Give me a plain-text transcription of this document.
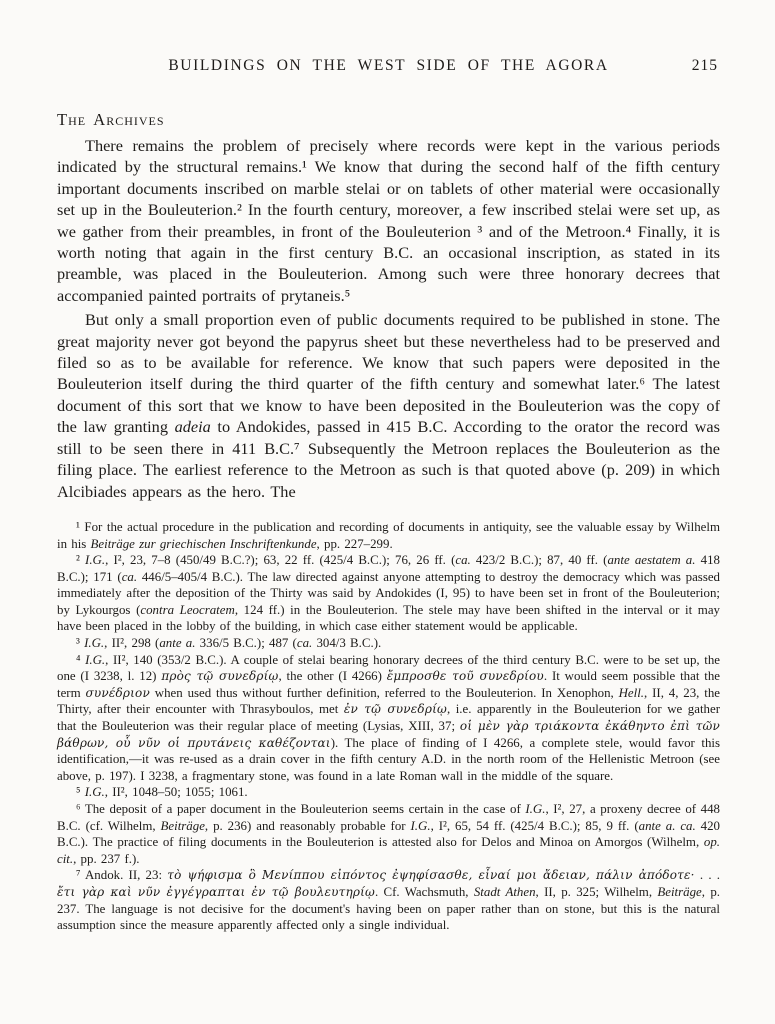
BUILDINGS ON THE WEST SIDE OF THE AGORA	215
The Archives

There remains the problem of precisely where records were kept in the various periods indicated by the structural remains.¹ We know that during the second half of the fifth century important documents inscribed on marble stelai or on tablets of other material were occasionally set up in the Bouleuterion.² In the fourth century, moreover, a few inscribed stelai were set up, as we gather from their preambles, in front of the Bouleuterion ³ and of the Metroon.⁴ Finally, it is worth noting that again in the first century B.C. an occasional inscription, as stated in its preamble, was placed in the Bouleuterion. Among such were three honorary decrees that accompanied painted portraits of prytaneis.⁵

But only a small proportion even of public documents required to be published in stone. The great majority never got beyond the papyrus sheet but these nevertheless had to be preserved and filed so as to be available for reference. We know that such papers were deposited in the Bouleuterion itself during the third quarter of the fifth century and somewhat later.⁶ The latest document of this sort that we know to have been deposited in the Bouleuterion was the copy of the law granting adeia to Andokides, passed in 415 B.C. According to the orator the record was still to be seen there in 411 B.C.⁷ Subsequently the Metroon replaces the Bouleuterion as the filing place. The earliest reference to the Metroon as such is that quoted above (p. 209) in which Alcibiades appears as the hero. The

¹ For the actual procedure in the publication and recording of documents in antiquity, see the valuable essay by Wilhelm in his Beiträge zur griechischen Inschriftenkunde, pp. 227–299.

² I.G., I², 23, 7–8 (450/49 B.C.?); 63, 22 ff. (425/4 B.C.); 76, 26 ff. (ca. 423/2 B.C.); 87, 40 ff. (ante aestatem a. 418 B.C.); 171 (ca. 446/5–405/4 B.C.). The law directed against anyone attempting to destroy the democracy which was passed immediately after the deposition of the Thirty was said by Andokides (I, 95) to have been set in front of the Bouleuterion; by Lykourgos (contra Leocratem, 124 ff.) in the Bouleuterion. The stele may have been shifted in the interval or it may have been placed in the lobby of the building, in which case either statement would be applicable.

³ I.G., II², 298 (ante a. 336/5 B.C.); 487 (ca. 304/3 B.C.).

⁴ I.G., II², 140 (353/2 B.C.). A couple of stelai bearing honorary decrees of the third century B.C. were to be set up, the one (I 3238, l. 12) πρὸς τῷ συνεδρίῳ, the other (I 4266) ἔμπροσθε τοῦ συνεδρίου. It would seem possible that the term συνέδριον when used thus without further definition, referred to the Bouleuterion. In Xenophon, Hell., II, 4, 23, the Thirty, after their encounter with Thrasyboulos, met ἐν τῷ συνεδρίῳ, i.e. apparently in the Bouleuterion for we gather that the Bouleuterion was their regular place of meeting (Lysias, XIII, 37; οἱ μὲν γὰρ τριάκοντα ἐκάθηντο ἐπὶ τῶν βάθρων, οὗ νῦν οἱ πρυτάνεις καθέζονται). The place of finding of I 4266, a complete stele, would favor this identification,—it was re-used as a drain cover in the fifth century A.D. in the north room of the Hellenistic Metroon (see above, p. 197). I 3238, a fragmentary stone, was found in a late Roman wall in the middle of the square.

⁵ I.G., II², 1048–50; 1055; 1061.

⁶ The deposit of a paper document in the Bouleuterion seems certain in the case of I.G., I², 27, a proxeny decree of 448 B.C. (cf. Wilhelm, Beiträge, p. 236) and reasonably probable for I.G., I², 65, 54 ff. (425/4 B.C.); 85, 9 ff. (ante a. ca. 420 B.C.). The practice of filing documents in the Bouleuterion is attested also for Delos and Minoa on Amorgos (Wilhelm, op. cit., pp. 237 f.).

⁷ Andok. II, 23: τὸ ψήφισμα ὃ Μενίππου εἰπόντος ἐψηφίσασθε, εἶναί μοι ἄδειαν, πάλιν ἀπόδοτε· . . . ἔτι γὰρ καὶ νῦν ἐγγέγραπται ἐν τῷ βουλευτηρίῳ. Cf. Wachsmuth, Stadt Athen, II, p. 325; Wilhelm, Beiträge, p. 237. The language is not decisive for the document's having been on paper rather than on stone, but this is the natural assumption since the measure apparently affected only a single individual.
